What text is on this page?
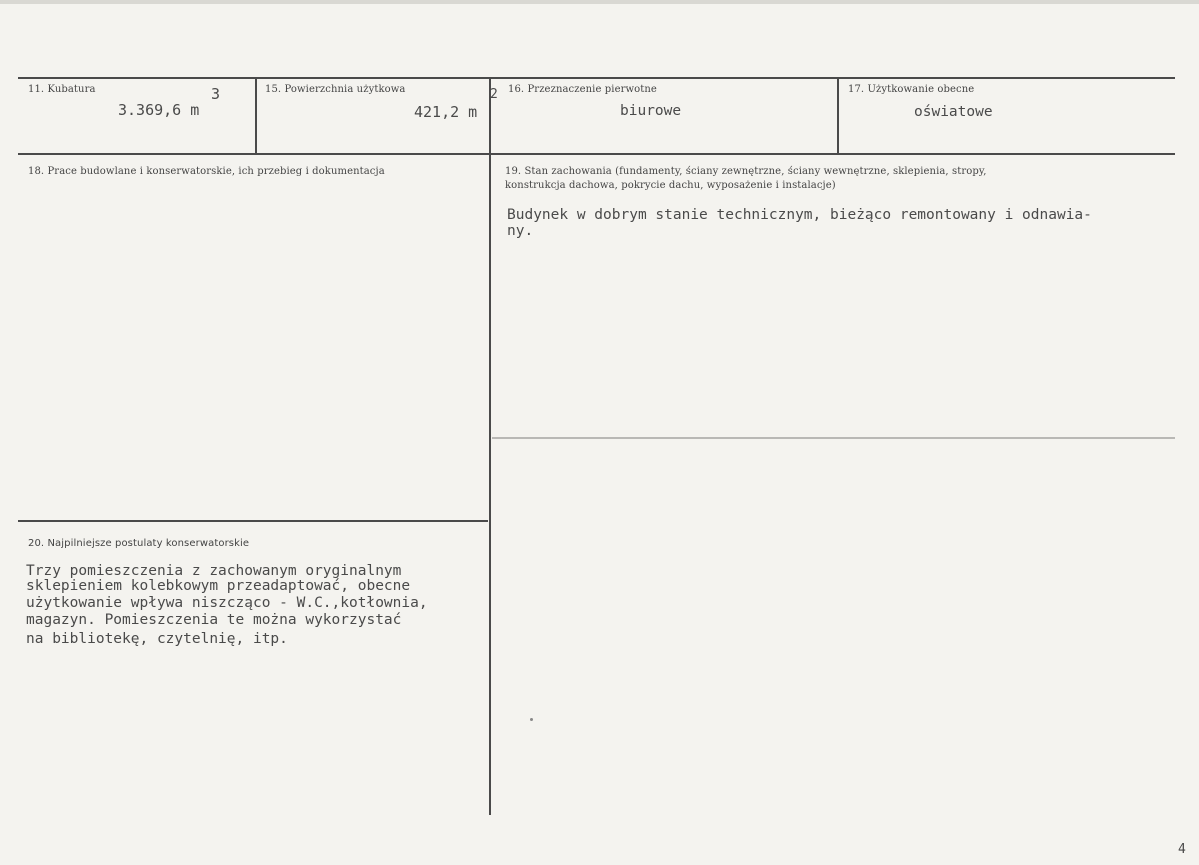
11. Kubatura
3.369,6 m
3	15. Powierzchnia użytkowa
421,2 m
2 16. Przeznaczenie pierwotne
biurowe
17. Użytkowanie obecne
oświatowe
18. Prace budowlane i konserwatorskie, ich przebieg i dokumentacja	19. Stan zachowania (fundamenty, ściany zewnętrzne, ściany wewnętrzne, sklepienia, stropy,
konstrukcja dachowa, pokrycie dachu, wyposażenie i instalacje)
Budynek w dobrym stanie technicznym, bieżąco remontowany i odnawia-
ny.
20. Najpilniejsze postulaty konserwatorskie
Trzy pomieszczenia z zachowanym oryginalnym
sklepieniem kolebkowym przeadaptować, obecne
użytkowanie wpływa niszcząco - W.C.,kotłownia,
magazyn. Pomieszczenia te można wykorzystać
na bibliotekę, czytelnię, itp.
4
